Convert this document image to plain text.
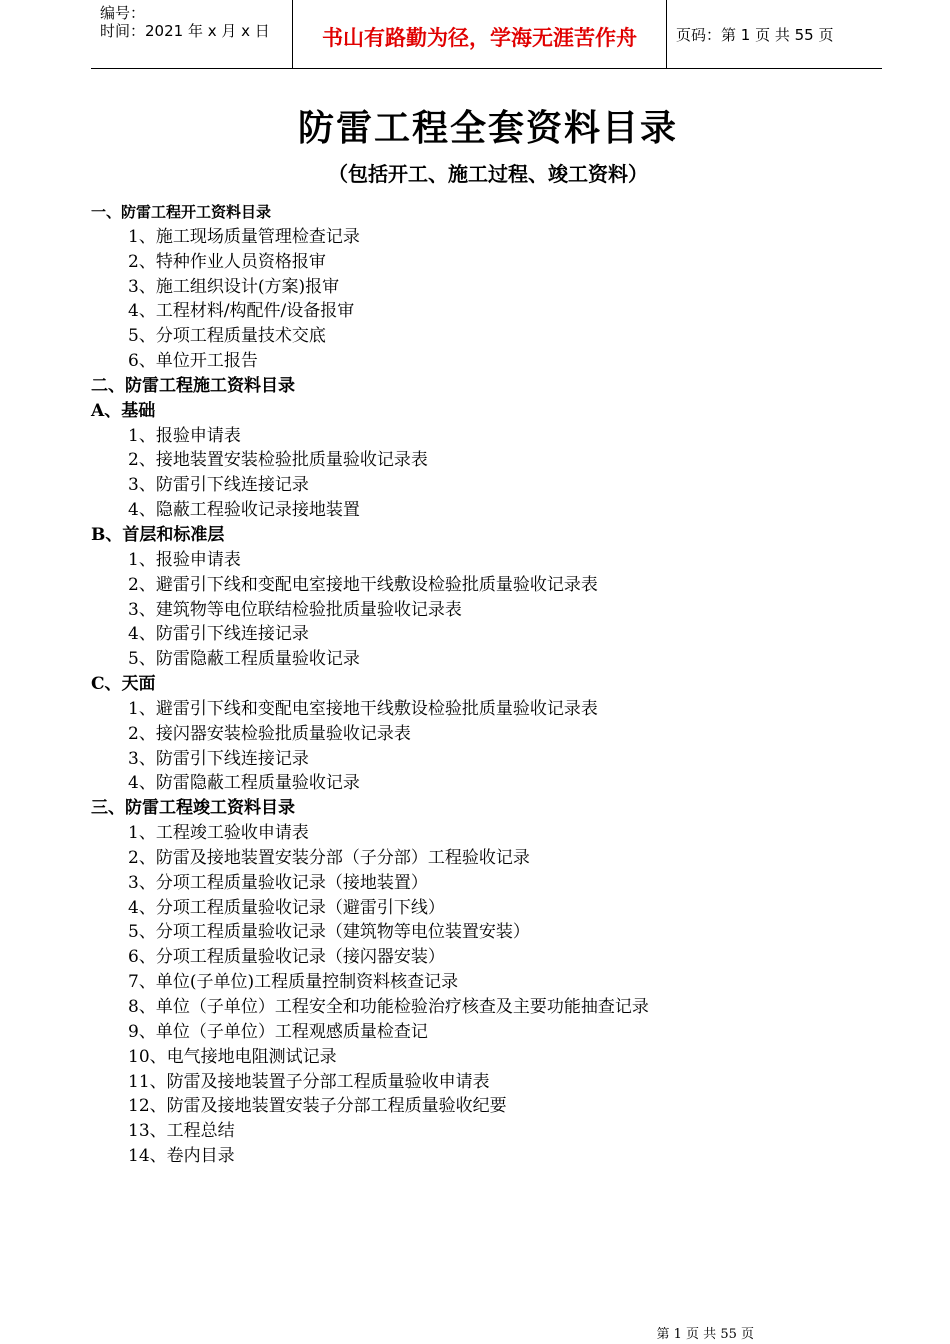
编号：
时间：2021 年 x 月 x 日	书山有路勤为径，学海无涯苦作舟	页码：第 1 页 共 55 页
防雷工程全套资料目录
（包括开工、施工过程、竣工资料）
一、防雷工程开工资料目录
1、施工现场质量管理检查记录
2、特种作业人员资格报审
3、施工组织设计(方案)报审
4、工程材料/构配件/设备报审
5、分项工程质量技术交底
6、单位开工报告
二、防雷工程施工资料目录
A、基础
1、报验申请表
2、接地装置安装检验批质量验收记录表
3、防雷引下线连接记录
4、隐蔽工程验收记录接地装置
B、首层和标准层
1、报验申请表
2、避雷引下线和变配电室接地干线敷设检验批质量验收记录表
3、建筑物等电位联结检验批质量验收记录表
4、防雷引下线连接记录
5、防雷隐蔽工程质量验收记录
C、天面
1、避雷引下线和变配电室接地干线敷设检验批质量验收记录表
2、接闪器安装检验批质量验收记录表
3、防雷引下线连接记录
4、防雷隐蔽工程质量验收记录
三、防雷工程竣工资料目录
1、工程竣工验收申请表
2、防雷及接地装置安装分部（子分部）工程验收记录
3、分项工程质量验收记录（接地装置）
4、分项工程质量验收记录（避雷引下线）
5、分项工程质量验收记录（建筑物等电位装置安装）
6、分项工程质量验收记录（接闪器安装）
7、单位(子单位)工程质量控制资料核查记录
8、单位（子单位）工程安全和功能检验治疗核查及主要功能抽查记录
9、单位（子单位）工程观感质量检查记
10、电气接地电阻测试记录
11、防雷及接地装置子分部工程质量验收申请表
12、防雷及接地装置安装子分部工程质量验收纪要
13、工程总结
14、卷内目录
第 1 页 共 55 页
